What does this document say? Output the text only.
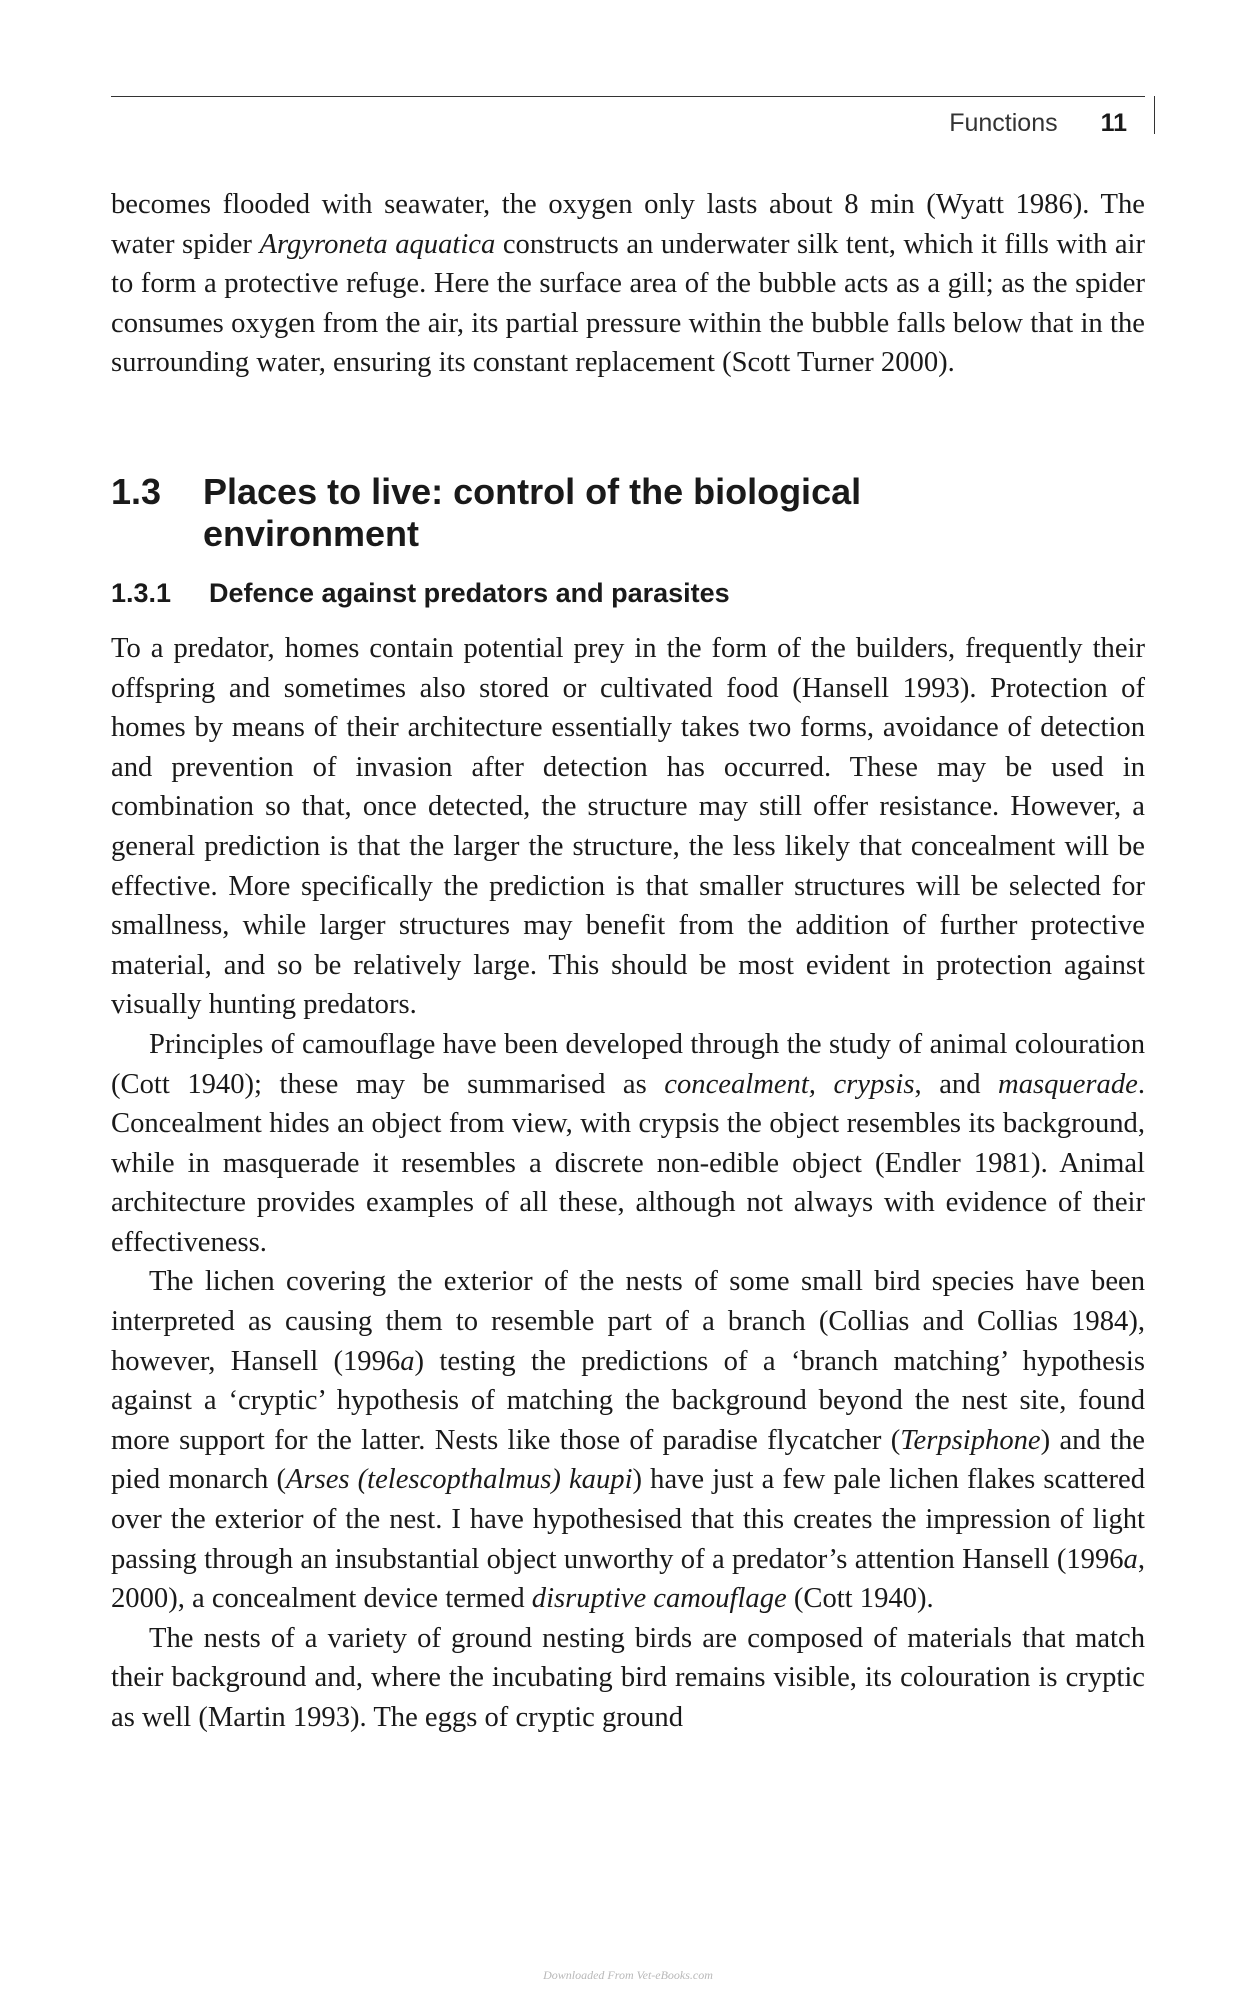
Functions 11

becomes flooded with seawater, the oxygen only lasts about 8 min (Wyatt 1986). The water spider Argyroneta aquatica constructs an underwater silk tent, which it fills with air to form a protective refuge. Here the surface area of the bubble acts as a gill; as the spider consumes oxygen from the air, its partial pressure within the bubble falls below that in the surrounding water, ensuring its constant replacement (Scott Turner 2000).

1.3	Places to live: control of the biological environment
1.3.1	Defence against predators and parasites

To a predator, homes contain potential prey in the form of the builders, frequently their offspring and sometimes also stored or cultivated food (Hansell 1993). Protection of homes by means of their architecture essentially takes two forms, avoidance of detection and prevention of invasion after detection has occurred. These may be used in combination so that, once detected, the structure may still offer resistance. However, a general prediction is that the larger the structure, the less likely that concealment will be effective. More specifically the prediction is that smaller structures will be selected for smallness, while larger structures may benefit from the addition of further protective material, and so be relatively large. This should be most evident in protection against visually hunting predators.

Principles of camouflage have been developed through the study of animal colouration (Cott 1940); these may be summarised as concealment, crypsis, and masquerade. Concealment hides an object from view, with crypsis the object resembles its background, while in masquerade it resembles a discrete non-edible object (Endler 1981). Animal architecture provides examples of all these, although not always with evidence of their effectiveness.

The lichen covering the exterior of the nests of some small bird species have been interpreted as causing them to resemble part of a branch (Collias and Collias 1984), however, Hansell (1996a) testing the predictions of a ‘branch matching’ hypothesis against a ‘cryptic’ hypothesis of matching the background beyond the nest site, found more support for the latter. Nests like those of paradise flycatcher (Terpsiphone) and the pied monarch (Arses (telescopthalmus) kaupi) have just a few pale lichen flakes scattered over the exterior of the nest. I have hypothesised that this creates the impression of light passing through an insubstantial object unworthy of a predator’s attention Hansell (1996a, 2000), a concealment device termed disruptive camouflage (Cott 1940).

The nests of a variety of ground nesting birds are composed of materials that match their background and, where the incubating bird remains visible, its colouration is cryptic as well (Martin 1993). The eggs of cryptic ground

Downloaded From Vet-eBooks.com
